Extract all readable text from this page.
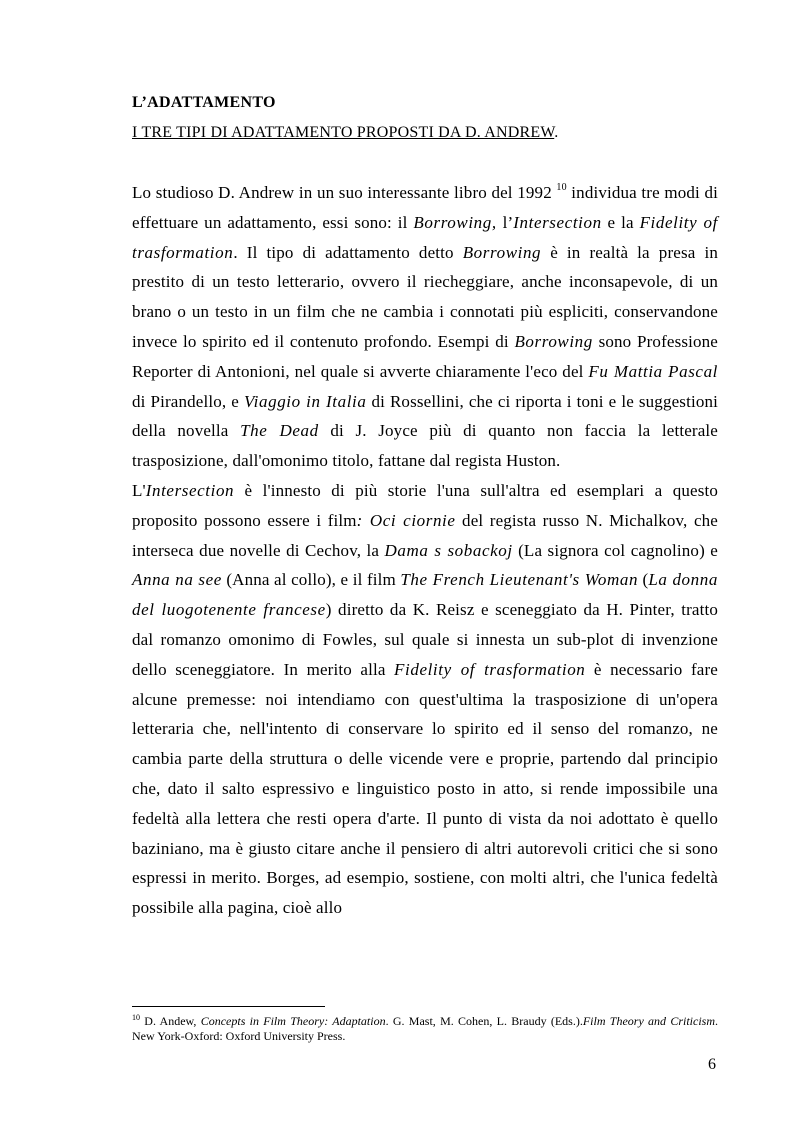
L’ADATTAMENTO
I TRE TIPI DI ADATTAMENTO PROPOSTI DA D. ANDREW.

Lo studioso D. Andrew in un suo interessante libro del 1992 $^{10}$ individua tre modi di effettuare un adattamento, essi sono: il Borrowing, l’Intersection e la Fidelity of trasformation. Il tipo di adattamento detto Borrowing è in realtà la presa in prestito di un testo letterario, ovvero il riecheggiare, anche inconsapevole, di un brano o un testo in un film che ne cambia i connotati più espliciti, conservandone invece lo spirito ed il contenuto profondo. Esempi di Borrowing sono Professione Reporter di Antonioni, nel quale si avverte chiaramente l'eco del Fu Mattia Pascal di Pirandello, e Viaggio in Italia di Rossellini, che ci riporta i toni e le suggestioni della novella The Dead di J. Joyce più di quanto non faccia la letterale trasposizione, dall'omonimo titolo, fattane dal regista Huston.

L'Intersection è l'innesto di più storie l'una sull'altra ed esemplari a questo proposito possono essere i film: Oci ciornie del regista russo N. Michalkov, che interseca due novelle di Cechov, la Dama s sobackoj (La signora col cagnolino) e Anna na see (Anna al collo), e il film The French Lieutenant's Woman (La donna del luogotenente francese) diretto da K. Reisz e sceneggiato da H. Pinter, tratto dal romanzo omonimo di Fowles, sul quale si innesta un sub-plot di invenzione dello sceneggiatore. In merito alla Fidelity of trasformation è necessario fare alcune premesse: noi intendiamo con quest'ultima la trasposizione di un'opera letteraria che, nell'intento di conservare lo spirito ed il senso del romanzo, ne cambia parte della struttura o delle vicende vere e proprie, partendo dal principio che, dato il salto espressivo e linguistico posto in atto, si rende impossibile una fedeltà alla lettera che resti opera d'arte. Il punto di vista da noi adottato è quello baziniano, ma è giusto citare anche il pensiero di altri autorevoli critici che si sono espressi in merito. Borges, ad esempio, sostiene, con molti altri, che l'unica fedeltà possibile alla pagina, cioè allo

$^{10}$ D. Andew, Concepts in Film Theory: Adaptation. G. Mast, M. Cohen, L. Braudy (Eds.).Film Theory and Criticism. New York-Oxford: Oxford University Press.
6
